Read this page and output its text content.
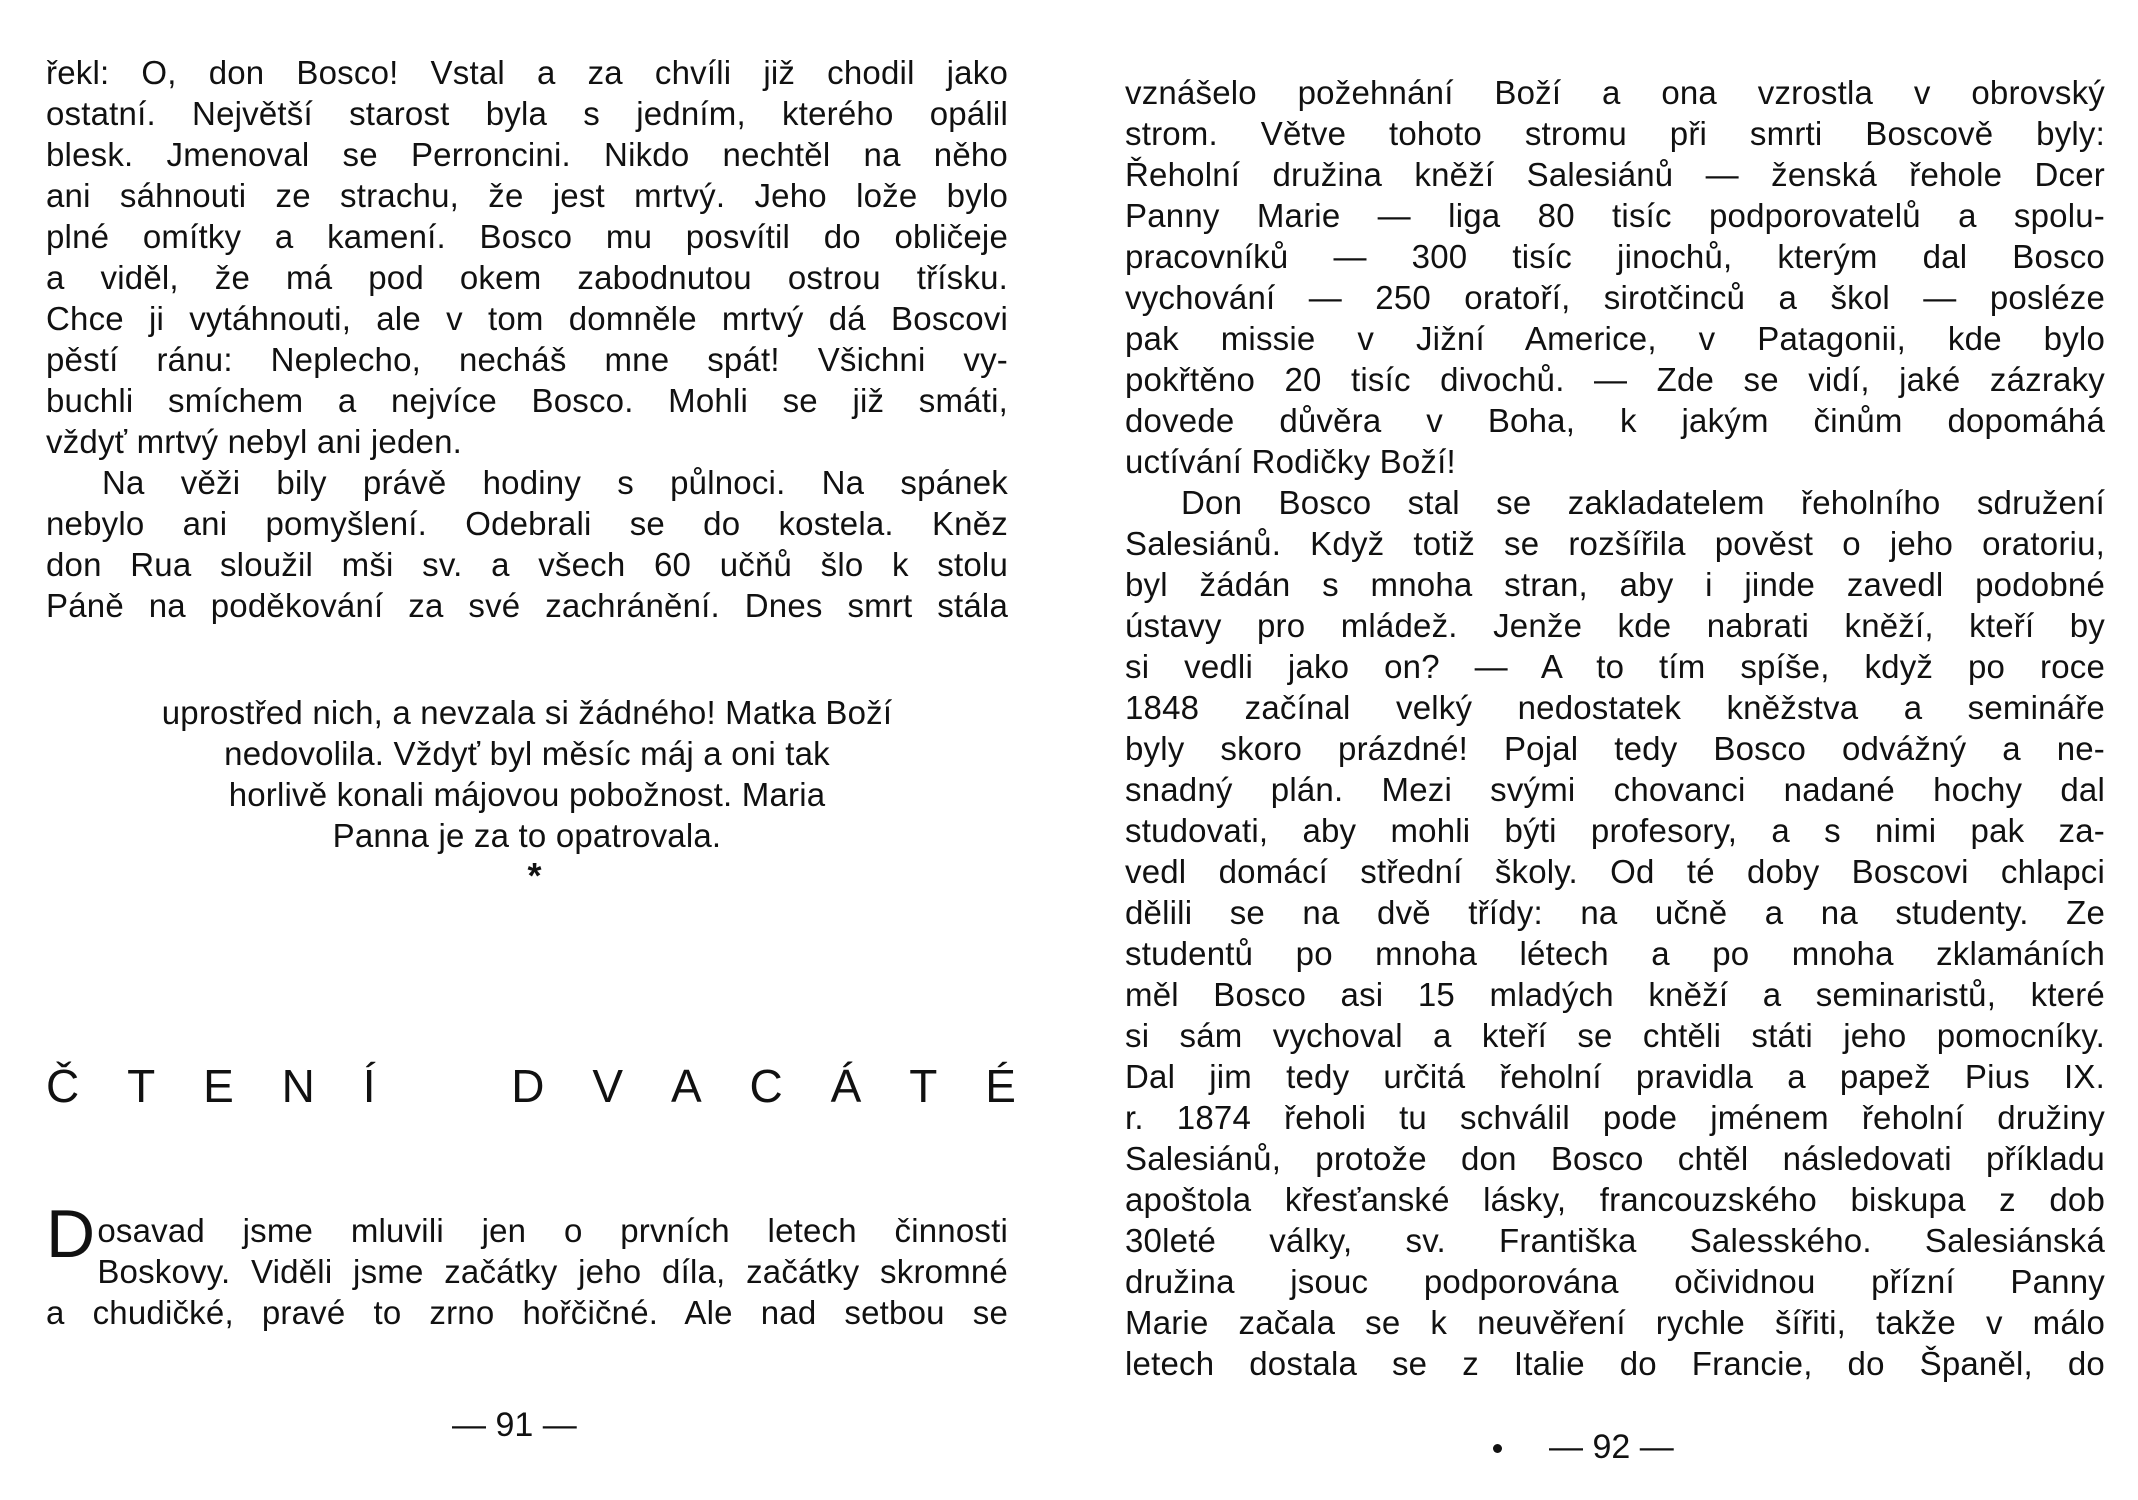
řekl: O, don Bosco! Vstal a za chvíli již chodil jako
ostatní. Největší starost byla s jedním, kterého opálil
blesk. Jmenoval se Perroncini. Nikdo nechtěl na něho
ani sáhnouti ze strachu, že jest mrtvý. Jeho lože bylo
plné omítky a kamení. Bosco mu posvítil do obličeje
a viděl, že má pod okem zabodnutou ostrou třísku.
Chce ji vytáhnouti, ale v tom domněle mrtvý dá Boscovi
pěstí ránu: Neplecho, necháš mne spát! Všichni vy-
buchli smíchem a nejvíce Bosco. Mohli se již smáti,
vždyť mrtvý nebyl ani jeden.
Na věži bily právě hodiny s půlnoci. Na spánek
nebylo ani pomyšlení. Odebrali se do kostela. Kněz
don Rua sloužil mši sv. a všech 60 učňů šlo k stolu
Páně na poděkování za své zachránění. Dnes smrt stála
uprostřed nich, a nevzala si žádného! Matka Boží
nedovolila. Vždyť byl měsíc máj a oni tak
horlivě konali májovou pobožnost. Maria
Panna je za to opatrovala.
*
Č T E N Í	D V A C Á T É
Dosavad jsme mluvili jen o prvních letech činnosti
Boskovy. Viděli jsme začátky jeho díla, začátky skromné
a chudičké, pravé to zrno hořčičné. Ale nad setbou se
— 91 —
vznášelo požehnání Boží a ona vzrostla v obrovský
strom. Větve tohoto stromu při smrti Boscově byly:
Řeholní družina kněží Salesiánů — ženská řehole Dcer
Panny Marie — liga 80 tisíc podporovatelů a spolu-
pracovníků — 300 tisíc jinochů, kterým dal Bosco
vychování — 250 oratoří, sirotčinců a škol — posléze
pak missie v Jižní Americe, v Patagonii, kde bylo
pokřtěno 20 tisíc divochů. — Zde se vidí, jaké zázraky
dovede důvěra v Boha, k jakým činům dopomáhá
uctívání Rodičky Boží!
Don Bosco stal se zakladatelem řeholního sdružení
Salesiánů. Když totiž se rozšířila pověst o jeho oratoriu,
byl žádán s mnoha stran, aby i jinde zavedl podobné
ústavy pro mládež. Jenže kde nabrati kněží, kteří by
si vedli jako on? — A to tím spíše, když po roce
1848 začínal velký nedostatek kněžstva a semináře
byly skoro prázdné! Pojal tedy Bosco odvážný a ne-
snadný plán. Mezi svými chovanci nadané hochy dal
studovati, aby mohli býti profesory, a s nimi pak za-
vedl domácí střední školy. Od té doby Boscovi chlapci
dělili se na dvě třídy: na učně a na studenty. Ze
studentů po mnoha létech a po mnoha zklamáních
měl Bosco asi 15 mladých kněží a seminaristů, které
si sám vychoval a kteří se chtěli státi jeho pomocníky.
Dal jim tedy určitá řeholní pravidla a papež Pius IX.
r. 1874 řeholi tu schválil pode jménem řeholní družiny
Salesiánů, protože don Bosco chtěl následovati příkladu
apoštola křesťanské lásky, francouzského biskupa z dob
30leté války, sv. Františka Salesského. Salesiánská
družina jsouc podporována očividnou přízní Panny
Marie začala se k neuvěření rychle šířiti, takže v málo
letech dostala se z Italie do Francie, do Španěl, do
— 92 —
